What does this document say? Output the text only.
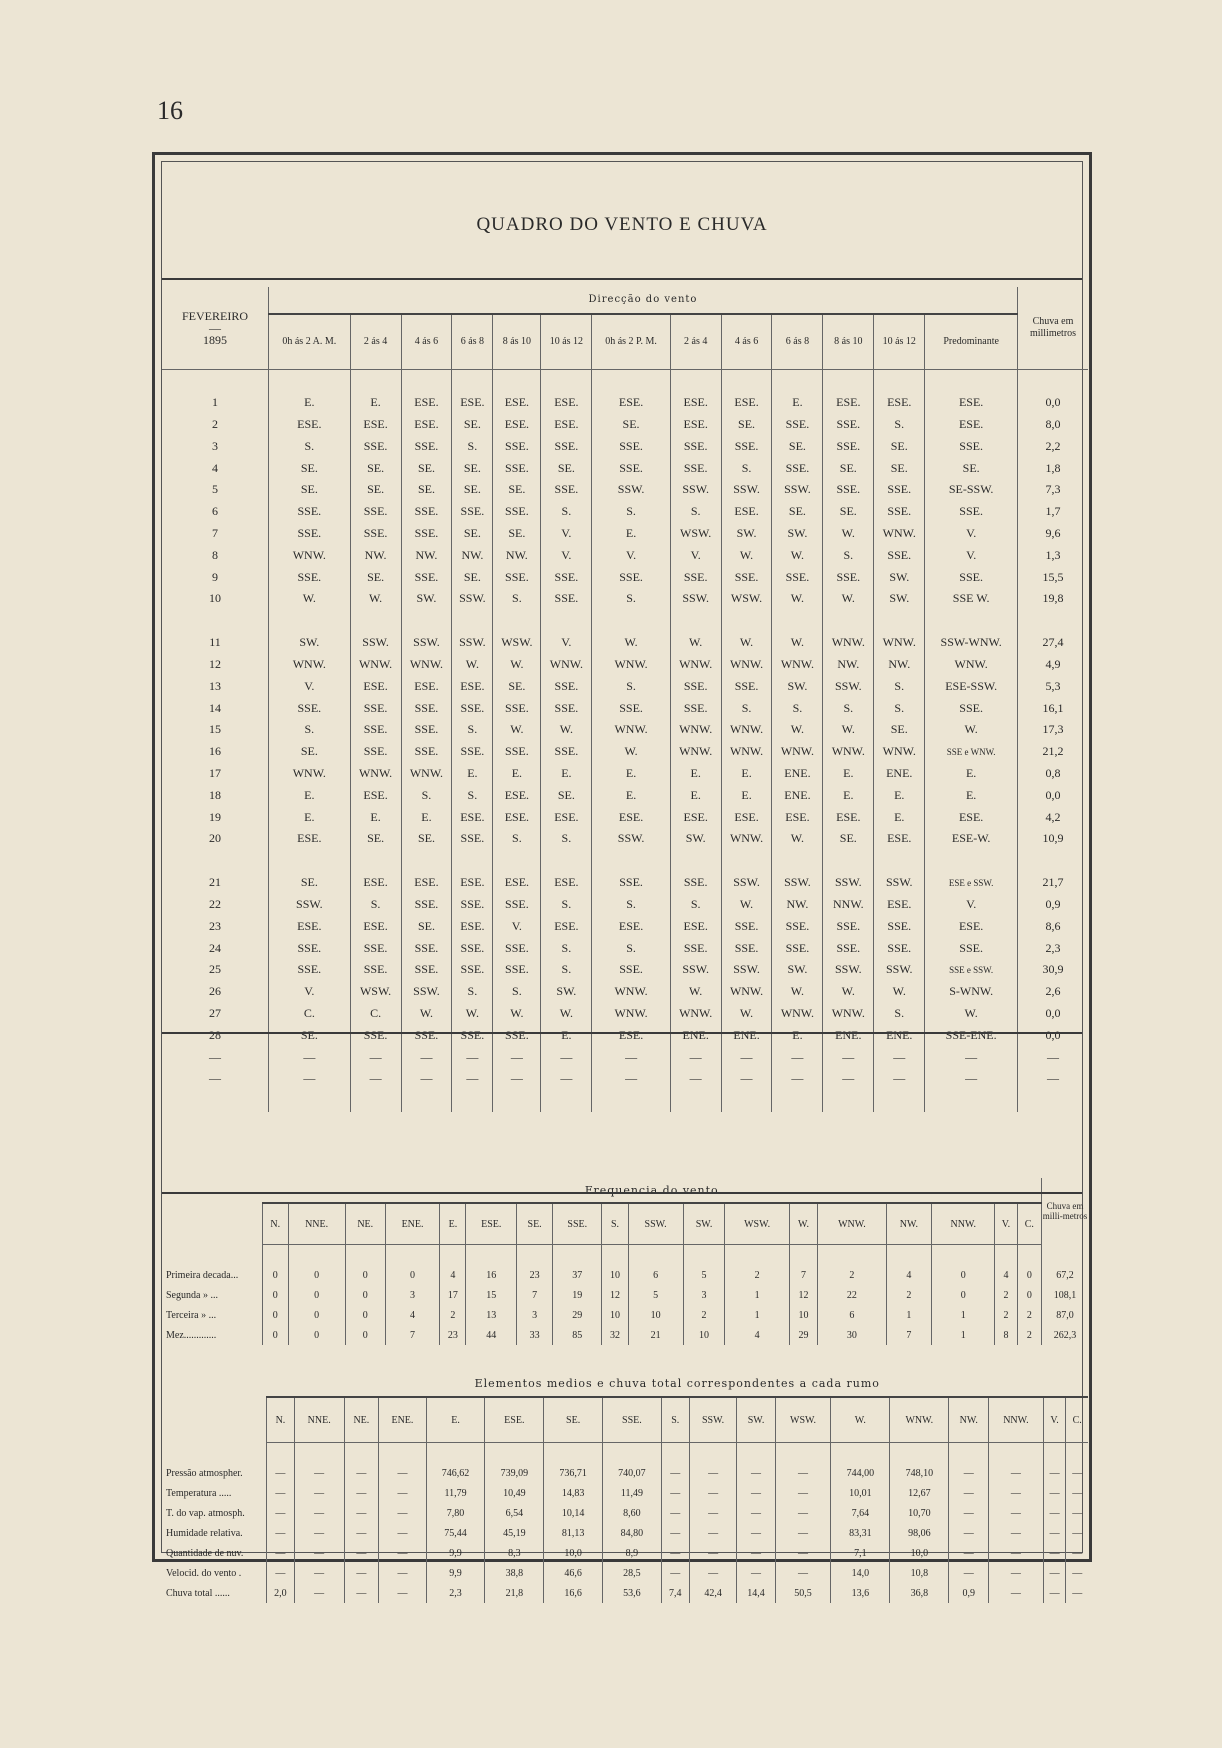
16
QUADRO DO VENTO E CHUVA
FEVEREIRO
—
1895	Direcção do vento													Chuva em millimetros
	0h ás 2 A. M.	2 ás 4	4 ás 6	6 ás 8	8 ás 10	10 ás 12	0h ás 2 P. M.	2 ás 4	4 ás 6	6 ás 8	8 ás 10	10 ás 12	Predominante	

1	E.	E.	ESE.	ESE.	ESE.	ESE.	ESE.	ESE.	ESE.	E.	ESE.	ESE.	ESE.	0,0
2	ESE.	ESE.	ESE.	SE.	ESE.	ESE.	SE.	ESE.	SE.	SSE.	SSE.	S.	ESE.	8,0
3	S.	SSE.	SSE.	S.	SSE.	SSE.	SSE.	SSE.	SSE.	SE.	SSE.	SE.	SSE.	2,2
4	SE.	SE.	SE.	SE.	SSE.	SE.	SSE.	SSE.	S.	SSE.	SE.	SE.	SE.	1,8
5	SE.	SE.	SE.	SE.	SE.	SSE.	SSW.	SSW.	SSW.	SSW.	SSE.	SSE.	SE-SSW.	7,3
6	SSE.	SSE.	SSE.	SSE.	SSE.	S.	S.	S.	ESE.	SE.	SE.	SSE.	SSE.	1,7
7	SSE.	SSE.	SSE.	SE.	SE.	V.	E.	WSW.	SW.	SW.	W.	WNW.	V.	9,6
8	WNW.	NW.	NW.	NW.	NW.	V.	V.	V.	W.	W.	S.	SSE.	V.	1,3
9	SSE.	SE.	SSE.	SE.	SSE.	SSE.	SSE.	SSE.	SSE.	SSE.	SSE.	SW.	SSE.	15,5
10	W.	W.	SW.	SSW.	S.	SSE.	S.	SSW.	WSW.	W.	W.	SW.	SSE W.	19,8

11	SW.	SSW.	SSW.	SSW.	WSW.	V.	W.	W.	W.	W.	WNW.	WNW.	SSW-WNW.	27,4
12	WNW.	WNW.	WNW.	W.	W.	WNW.	WNW.	WNW.	WNW.	WNW.	NW.	NW.	WNW.	4,9
13	V.	ESE.	ESE.	ESE.	SE.	SSE.	S.	SSE.	SSE.	SW.	SSW.	S.	ESE-SSW.	5,3
14	SSE.	SSE.	SSE.	SSE.	SSE.	SSE.	SSE.	SSE.	S.	S.	S.	S.	SSE.	16,1
15	S.	SSE.	SSE.	S.	W.	W.	WNW.	WNW.	WNW.	W.	W.	SE.	W.	17,3
16	SE.	SSE.	SSE.	SSE.	SSE.	SSE.	W.	WNW.	WNW.	WNW.	WNW.	WNW.	SSE e WNW.	21,2
17	WNW.	WNW.	WNW.	E.	E.	E.	E.	E.	E.	ENE.	E.	ENE.	E.	0,8
18	E.	ESE.	S.	S.	ESE.	SE.	E.	E.	E.	ENE.	E.	E.	E.	0,0
19	E.	E.	E.	ESE.	ESE.	ESE.	ESE.	ESE.	ESE.	ESE.	ESE.	E.	ESE.	4,2
20	ESE.	SE.	SE.	SSE.	S.	S.	SSW.	SW.	WNW.	W.	SE.	ESE.	ESE-W.	10,9

21	SE.	ESE.	ESE.	ESE.	ESE.	ESE.	SSE.	SSE.	SSW.	SSW.	SSW.	SSW.	ESE e SSW.	21,7
22	SSW.	S.	SSE.	SSE.	SSE.	S.	S.	S.	W.	NW.	NNW.	ESE.	V.	0,9
23	ESE.	ESE.	SE.	ESE.	V.	ESE.	ESE.	ESE.	SSE.	SSE.	SSE.	SSE.	ESE.	8,6
24	SSE.	SSE.	SSE.	SSE.	SSE.	S.	S.	SSE.	SSE.	SSE.	SSE.	SSE.	SSE.	2,3
25	SSE.	SSE.	SSE.	SSE.	SSE.	S.	SSE.	SSW.	SSW.	SW.	SSW.	SSW.	SSE e SSW.	30,9
26	V.	WSW.	SSW.	S.	S.	SW.	WNW.	W.	WNW.	W.	W.	W.	S-WNW.	2,6
27	C.	C.	W.	W.	W.	W.	WNW.	WNW.	W.	WNW.	WNW.	S.	W.	0,0
28	SE.	SSE.	SSE.	SSE.	SSE.	E.	ESE.	ENE.	ENE.	E.	ENE.	ENE.	SSE-ENE.	0,0
—	—	—	—	—	—	—	—	—	—	—	—	—	—	—
—	—	—	—	—	—	—	—	—	—	—	—	—	—	—

	Frequencia do vento																		Chuva em milli-metros
	N.	NNE.	NE.	ENE.	E.	ESE.	SE.	SSE.	S.	SSW.	SW.	WSW.	W.	WNW.	NW.	NNW.	V.	C.	

Primeira decada...	0	0	0	0	4	16	23	37	10	6	5	2	7	2	4	0	4	0	67,2
Segunda » ...	0	0	0	3	17	15	7	19	12	5	3	1	12	22	2	0	2	0	108,1
Terceira » ...	0	0	0	4	2	13	3	29	10	10	2	1	10	6	1	1	2	2	87,0
Mez.............	0	0	0	7	23	44	33	85	32	21	10	4	29	30	7	1	8	2	262,3
	Elementos medios e chuva total correspondentes a cada rumo																	
	N.	NNE.	NE.	ENE.	E.	ESE.	SE.	SSE.	S.	SSW.	SW.	WSW.	W.	WNW.	NW.	NNW.	V.	C.

Pressão atmospher.	—	—	—	—	746,62	739,09	736,71	740,07	—	—	—	—	744,00	748,10	—	—	—	—
Temperatura .....	—	—	—	—	11,79	10,49	14,83	11,49	—	—	—	—	10,01	12,67	—	—	—	—
T. do vap. atmosph.	—	—	—	—	7,80	6,54	10,14	8,60	—	—	—	—	7,64	10,70	—	—	—	—
Humidade relativa.	—	—	—	—	75,44	45,19	81,13	84,80	—	—	—	—	83,31	98,06	—	—	—	—
Quantidade de nuv.	—	—	—	—	9,9	8,3	10,0	8,9	—	—	—	—	7,1	10,0	—	—	—	—
Velocid. do vento .	—	—	—	—	9,9	38,8	46,6	28,5	—	—	—	—	14,0	10,8	—	—	—	—
Chuva total ......	2,0	—	—	—	2,3	21,8	16,6	53,6	7,4	42,4	14,4	50,5	13,6	36,8	0,9	—	—	—
